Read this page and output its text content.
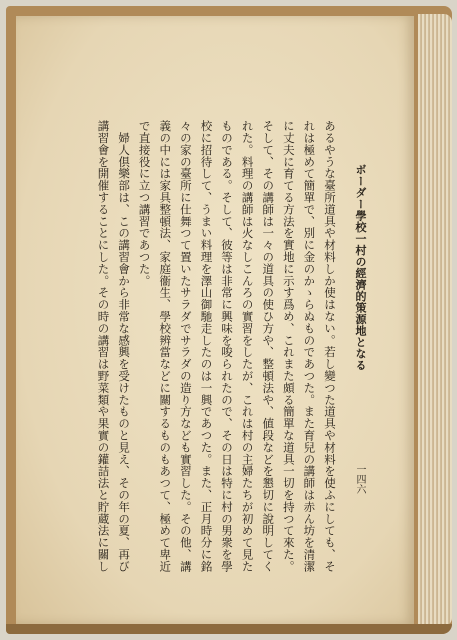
ボーダー學校一村の經濟的策源地となる
一四六
あるやうな臺所道具や材料しか使はない。若し變つた道具や材料を使ふにしても、そ
れは極めて簡單で、別に金のかゝらぬものであつた。また育兒の講師は赤ん坊を清潔
に丈夫に育てる方法を實地に示す爲め、これまた頗る簡單な道具一切を持つて來た。
そして、その講師は一々の道具の使ひ方や、整頓法や、値段などを懇切に說明してく
れた。料理の講師は火なしこんろの實習をしたが、これは村の主婦たちが初めて見た
ものである。そして、彼等は非常に興味を唆られたので、その日は特に村の男衆を學
校に招待して、うまい料理を澤山御馳走したのは一興であつた。また、正月時分に銘
々の家の臺所に仕舞つて置いたサラダでサラダの造り方なども實習した。その他、講
義の中には家具整頓法、家庭衞生、學校辨當などに關するものもあつて、極めて卑近
で直接役に立つ講習であつた。
　婦人倶樂部は、この講習會から非常な感興を受けたものと見え、その年の夏、再び
講習會を開催することにした。その時の講習は野菜類や果實の鑵詰法と貯蔵法に關し
